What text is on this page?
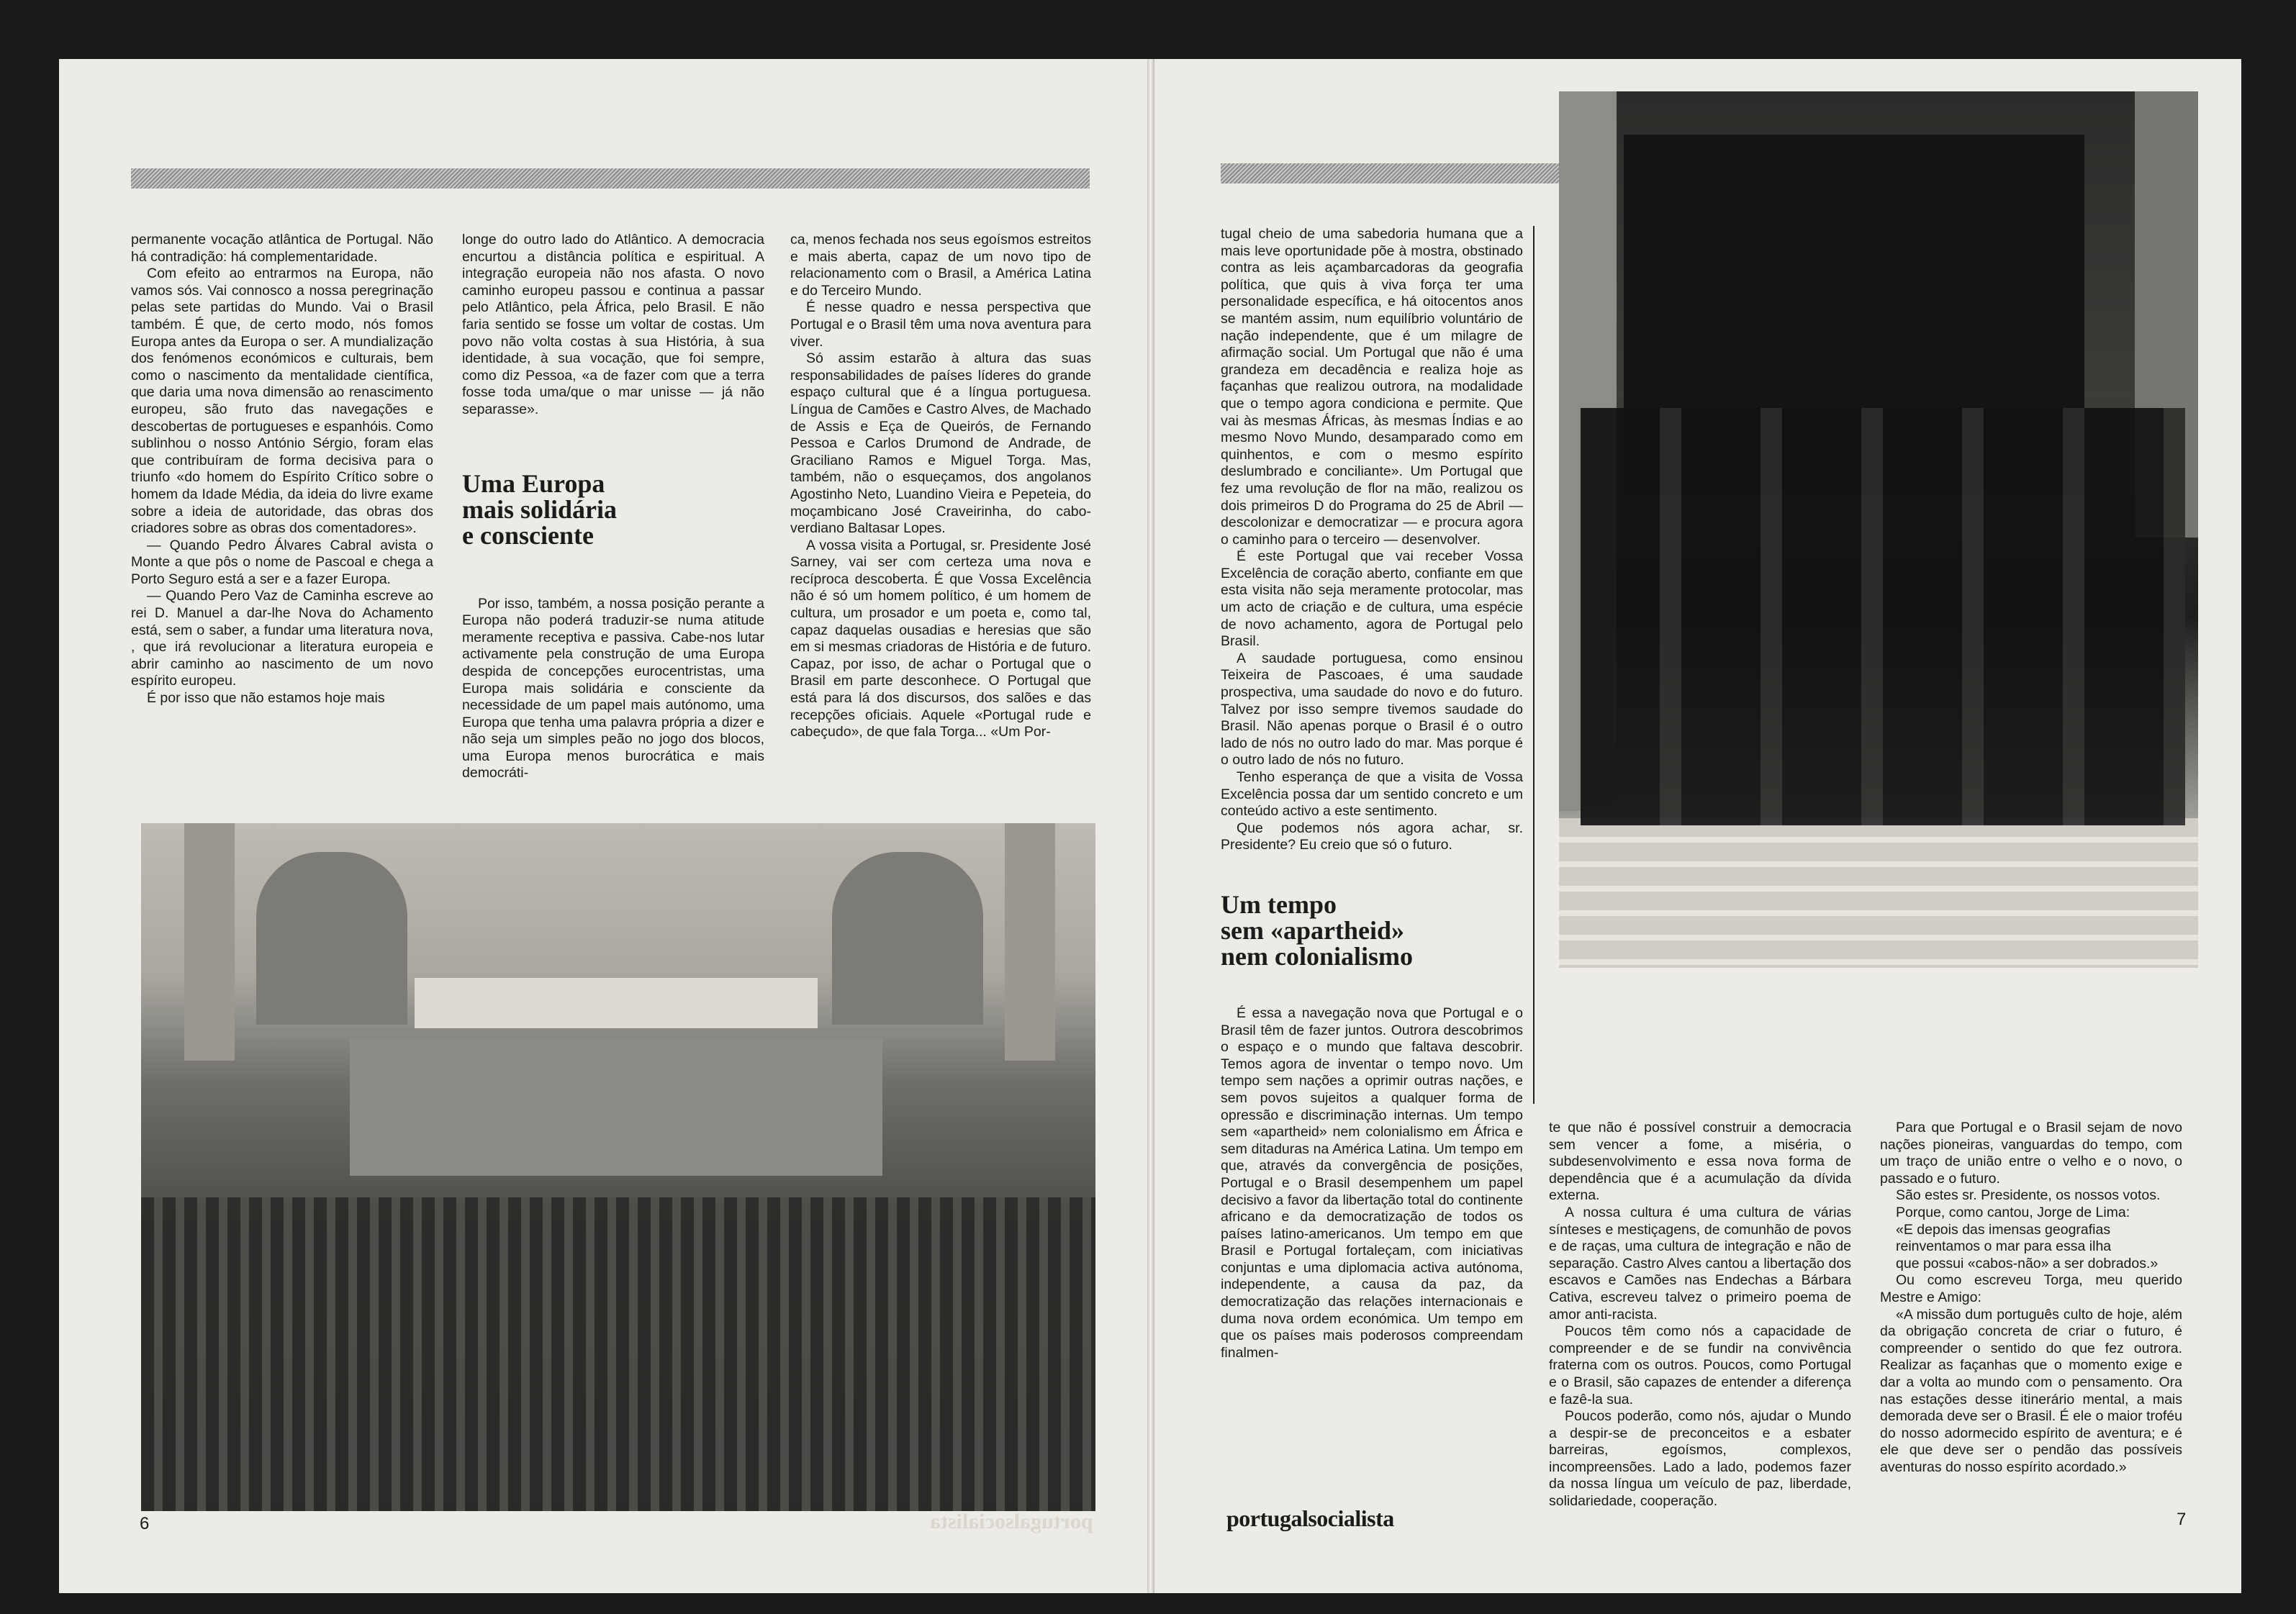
permanente vocação atlântica de Portugal. Não há contradição: há complementaridade.

Com efeito ao entrarmos na Europa, não vamos sós. Vai connosco a nossa peregrinação pelas sete partidas do Mundo. Vai o Brasil também. É que, de certo modo, nós fomos Europa antes da Europa o ser. A mundialização dos fenómenos económicos e culturais, bem como o nascimento da mentalidade científica, que daria uma nova dimensão ao renascimento europeu, são fruto das navegações e descobertas de portugueses e espanhóis. Como sublinhou o nosso António Sérgio, foram elas que contribuíram de forma decisiva para o triunfo «do homem do Espírito Crítico sobre o homem da Idade Média, da ideia do livre exame sobre a ideia de autoridade, das obras dos criadores sobre as obras dos comentadores».

— Quando Pedro Álvares Cabral avista o Monte a que pôs o nome de Pascoal e chega a Porto Seguro está a ser e a fazer Europa.

— Quando Pero Vaz de Caminha escreve ao rei D. Manuel a dar-lhe Nova do Achamento está, sem o saber, a fundar uma literatura nova, , que irá revolucionar a literatura europeia e abrir caminho ao nascimento de um novo espírito europeu.

É por isso que não estamos hoje mais

longe do outro lado do Atlântico. A democracia encurtou a distância política e espiritual. A integração europeia não nos afasta. O novo caminho europeu passou e continua a passar pelo Atlântico, pela África, pelo Brasil. E não faria sentido se fosse um voltar de costas. Um povo não volta costas à sua História, à sua identidade, à sua vocação, que foi sempre, como diz Pessoa, «a de fazer com que a terra fosse toda uma/que o mar unisse — já não separasse».

Uma Europa
mais solidária
e consciente

Por isso, também, a nossa posição perante a Europa não poderá traduzir-se numa atitude meramente receptiva e passiva. Cabe-nos lutar activamente pela construção de uma Europa despida de concepções eurocentristas, uma Europa mais solidária e consciente da necessidade de um papel mais autónomo, uma Europa que tenha uma palavra própria a dizer e não seja um simples peão no jogo dos blocos, uma Europa menos burocrática e mais democráti-

ca, menos fechada nos seus egoísmos estreitos e mais aberta, capaz de um novo tipo de relacionamento com o Brasil, a América Latina e do Terceiro Mundo.

É nesse quadro e nessa perspectiva que Portugal e o Brasil têm uma nova aventura para viver.

Só assim estarão à altura das suas responsabilidades de países líderes do grande espaço cultural que é a língua portuguesa. Língua de Camões e Castro Alves, de Machado de Assis e Eça de Queirós, de Fernando Pessoa e Carlos Drumond de Andrade, de Graciliano Ramos e Miguel Torga. Mas, também, não o esqueçamos, dos angolanos Agostinho Neto, Luandino Vieira e Pepeteia, do moçambicano José Craveirinha, do cabo-verdiano Baltasar Lopes.

A vossa visita a Portugal, sr. Presidente José Sarney, vai ser com certeza uma nova e recíproca descoberta. É que Vossa Excelência não é só um homem político, é um homem de cultura, um prosador e um poeta e, como tal, capaz daquelas ousadias e heresias que são em si mesmas criadoras de História e de futuro. Capaz, por isso, de achar o Portugal que o Brasil em parte desconhece. O Portugal que está para lá dos discursos, dos salões e das recepções oficiais. Aquele «Portugal rude e cabeçudo», de que fala Torga... «Um Por-

6	portugalsocialista

tugal cheio de uma sabedoria humana que a mais leve oportunidade põe à mostra, obstinado contra as leis açambarcadoras da geografia política, que quis à viva força ter uma personalidade específica, e há oitocentos anos se mantém assim, num equilíbrio voluntário de nação independente, que é um milagre de afirmação social. Um Portugal que não é uma grandeza em decadência e realiza hoje as façanhas que realizou outrora, na modalidade que o tempo agora condiciona e permite. Que vai às mesmas Áfricas, às mesmas Índias e ao mesmo Novo Mundo, desamparado como em quinhentos, e com o mesmo espírito deslumbrado e conciliante». Um Portugal que fez uma revolução de flor na mão, realizou os dois primeiros D do Programa do 25 de Abril — descolonizar e democratizar — e procura agora o caminho para o terceiro — desenvolver.

É este Portugal que vai receber Vossa Excelência de coração aberto, confiante em que esta visita não seja meramente protocolar, mas um acto de criação e de cultura, uma espécie de novo achamento, agora de Portugal pelo Brasil.

A saudade portuguesa, como ensinou Teixeira de Pascoaes, é uma saudade prospectiva, uma saudade do novo e do futuro. Talvez por isso sempre tivemos saudade do Brasil. Não apenas porque o Brasil é o outro lado de nós no outro lado do mar. Mas porque é o outro lado de nós no futuro.

Tenho esperança de que a visita de Vossa Excelência possa dar um sentido concreto e um conteúdo activo a este sentimento.

Que podemos nós agora achar, sr. Presidente? Eu creio que só o futuro.

Um tempo
sem «apartheid»
nem colonialismo

É essa a navegação nova que Portugal e o Brasil têm de fazer juntos. Outrora descobrimos o espaço e o mundo que faltava descobrir. Temos agora de inventar o tempo novo. Um tempo sem nações a oprimir outras nações, e sem povos sujeitos a qualquer forma de opressão e discriminação internas. Um tempo sem «apartheid» nem colonialismo em África e sem ditaduras na América Latina. Um tempo em que, através da convergência de posições, Portugal e o Brasil desempenhem um papel decisivo a favor da libertação total do continente africano e da democratização de todos os países latino-americanos. Um tempo em que Brasil e Portugal fortaleçam, com iniciativas conjuntas e uma diplomacia activa autónoma, independente, a causa da paz, da democratização das relações internacionais e duma nova ordem económica. Um tempo em que os países mais poderosos compreendam finalmen-

te que não é possível construir a democracia sem vencer a fome, a miséria, o subdesenvolvimento e essa nova forma de dependência que é a acumulação da dívida externa.

A nossa cultura é uma cultura de várias sínteses e mestiçagens, de comunhão de povos e de raças, uma cultura de integração e não de separação. Castro Alves cantou a libertação dos escavos e Camões nas Endechas a Bárbara Cativa, escreveu talvez o primeiro poema de amor anti-racista.

Poucos têm como nós a capacidade de compreender e de se fundir na convivência fraterna com os outros. Poucos, como Portugal e o Brasil, são capazes de entender a diferença e fazê-la sua.

Poucos poderão, como nós, ajudar o Mundo a despir-se de preconceitos e a esbater barreiras, egoísmos, complexos, incompreensões. Lado a lado, podemos fazer da nossa língua um veículo de paz, liberdade, solidariedade, cooperação.

Para que Portugal e o Brasil sejam de novo nações pioneiras, vanguardas do tempo, com um traço de união entre o velho e o novo, o passado e o futuro.

São estes sr. Presidente, os nossos votos.

Porque, como cantou, Jorge de Lima:

«E depois das imensas geografias

reinventamos o mar para essa ilha

que possui «cabos-não» a ser dobrados.»

Ou como escreveu Torga, meu querido Mestre e Amigo:

«A missão dum português culto de hoje, além da obrigação concreta de criar o futuro, é compreender o sentido do que fez outrora. Realizar as façanhas que o momento exige e dar a volta ao mundo com o pensamento. Ora nas estações desse itinerário mental, a mais demorada deve ser o Brasil. É ele o maior troféu do nosso adormecido espírito de aventura; e é ele que deve ser o pendão das possíveis aventuras do nosso espírito acordado.»

portugalsocialista	7
